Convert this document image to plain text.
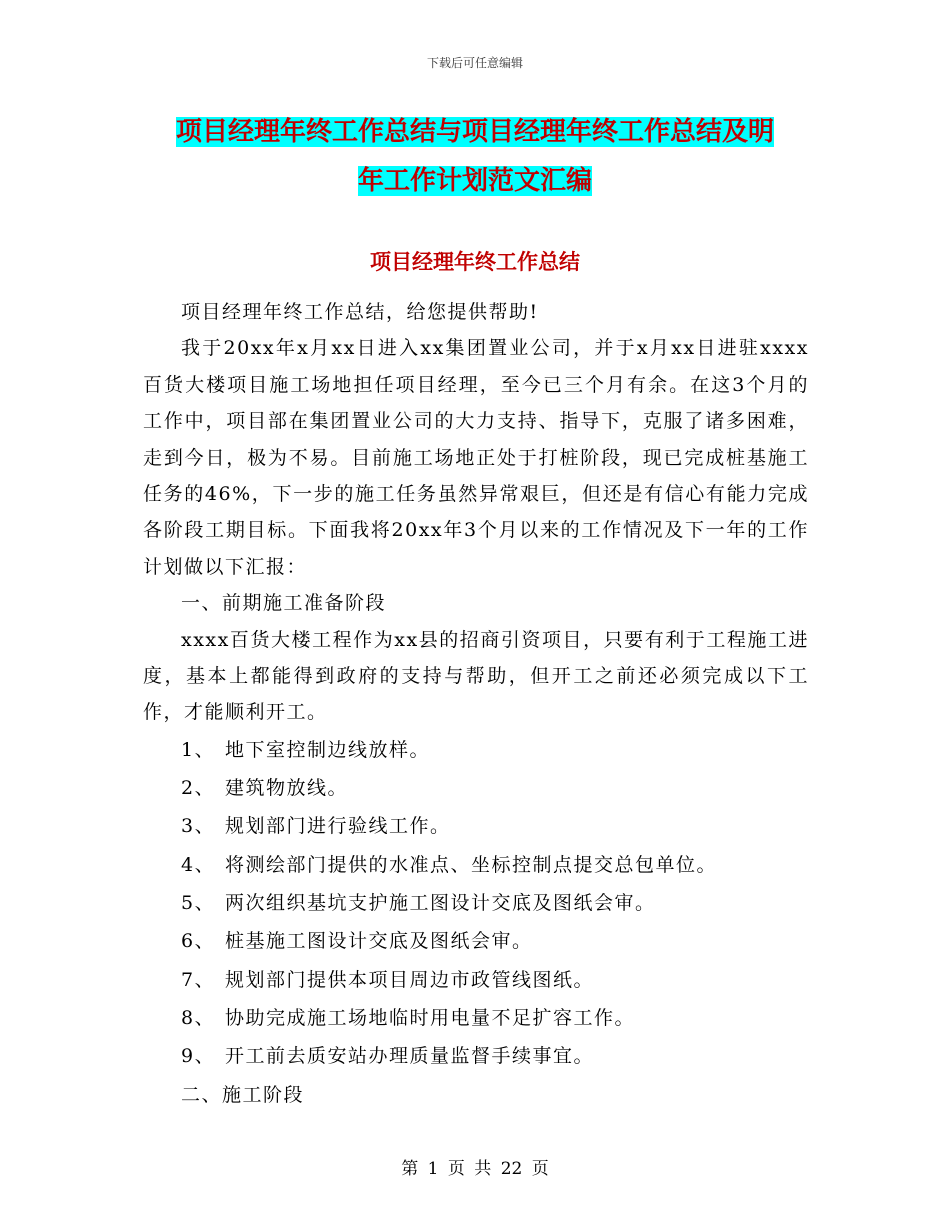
下载后可任意编辑
项目经理年终工作总结与项目经理年终工作总结及明
年工作计划范文汇编
项目经理年终工作总结

项目经理年终工作总结，给您提供帮助!

我于20xx年x月xx日进入xx集团置业公司，并于x月xx日进驻xxxx百货大楼项目施工场地担任项目经理，至今已三个月有余。在这3个月的工作中，项目部在集团置业公司的大力支持、指导下，克服了诸多困难，走到今日，极为不易。目前施工场地正处于打桩阶段，现已完成桩基施工任务的46%，下一步的施工任务虽然异常艰巨，但还是有信心有能力完成各阶段工期目标。下面我将20xx年3个月以来的工作情况及下一年的工作计划做以下汇报：

一、前期施工准备阶段

xxxx百货大楼工程作为xx县的招商引资项目，只要有利于工程施工进度，基本上都能得到政府的支持与帮助，但开工之前还必须完成以下工作，才能顺利开工。

1、 地下室控制边线放样。
2、 建筑物放线。
3、 规划部门进行验线工作。
4、 将测绘部门提供的水准点、坐标控制点提交总包单位。
5、 两次组织基坑支护施工图设计交底及图纸会审。
6、 桩基施工图设计交底及图纸会审。
7、 规划部门提供本项目周边市政管线图纸。
8、 协助完成施工场地临时用电量不足扩容工作。
9、 开工前去质安站办理质量监督手续事宜。
二、施工阶段
第 1 页 共 22 页
